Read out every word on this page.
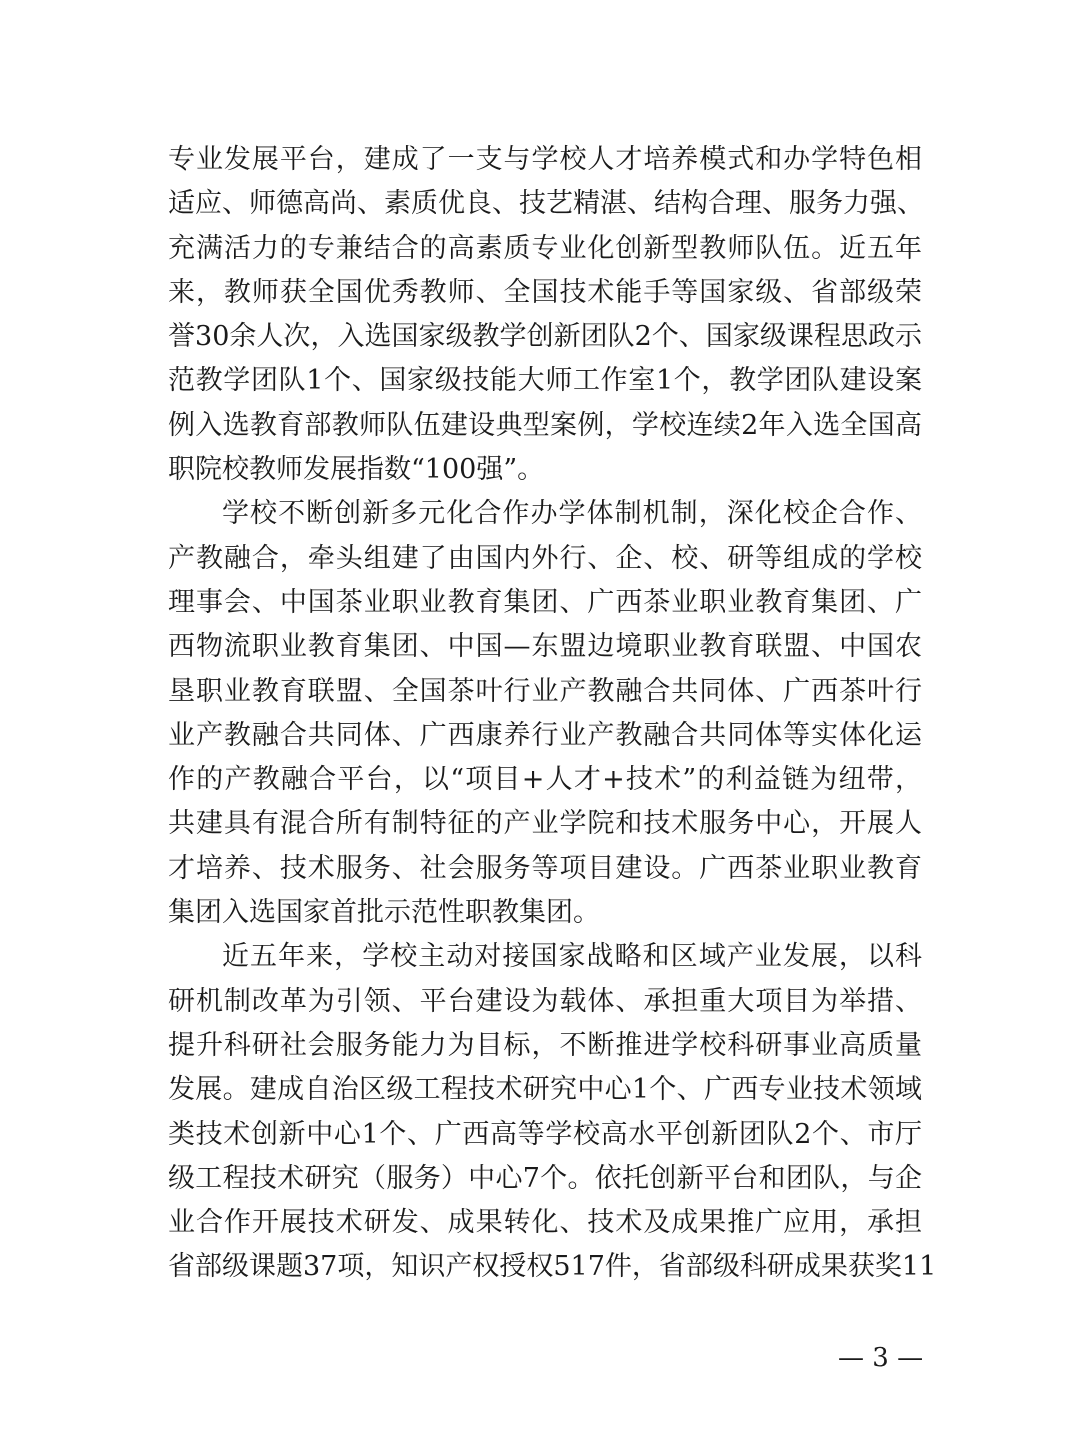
专业发展平台，建成了一支与学校人才培养模式和办学特色相
适应、师德高尚、素质优良、技艺精湛、结构合理、服务力强、
充满活力的专兼结合的高素质专业化创新型教师队伍。近五年
来，教师获全国优秀教师、全国技术能手等国家级、省部级荣
誉30余人次，入选国家级教学创新团队2个、国家级课程思政示
范教学团队1个、国家级技能大师工作室1个，教学团队建设案
例入选教育部教师队伍建设典型案例，学校连续2年入选全国高
职院校教师发展指数“100强”。
学校不断创新多元化合作办学体制机制，深化校企合作、
产教融合，牵头组建了由国内外行、企、校、研等组成的学校
理事会、中国茶业职业教育集团、广西茶业职业教育集团、广
西物流职业教育集团、中国—东盟边境职业教育联盟、中国农
垦职业教育联盟、全国茶叶行业产教融合共同体、广西茶叶行
业产教融合共同体、广西康养行业产教融合共同体等实体化运
作的产教融合平台，以“项目+人才+技术”的利益链为纽带，
共建具有混合所有制特征的产业学院和技术服务中心，开展人
才培养、技术服务、社会服务等项目建设。广西茶业职业教育
集团入选国家首批示范性职教集团。
近五年来，学校主动对接国家战略和区域产业发展，以科
研机制改革为引领、平台建设为载体、承担重大项目为举措、
提升科研社会服务能力为目标，不断推进学校科研事业高质量
发展。建成自治区级工程技术研究中心1个、广西专业技术领域
类技术创新中心1个、广西高等学校高水平创新团队2个、市厅
级工程技术研究（服务）中心7个。依托创新平台和团队，与企
业合作开展技术研发、成果转化、技术及成果推广应用，承担
省部级课题37项，知识产权授权517件，省部级科研成果获奖11
— 3 —
